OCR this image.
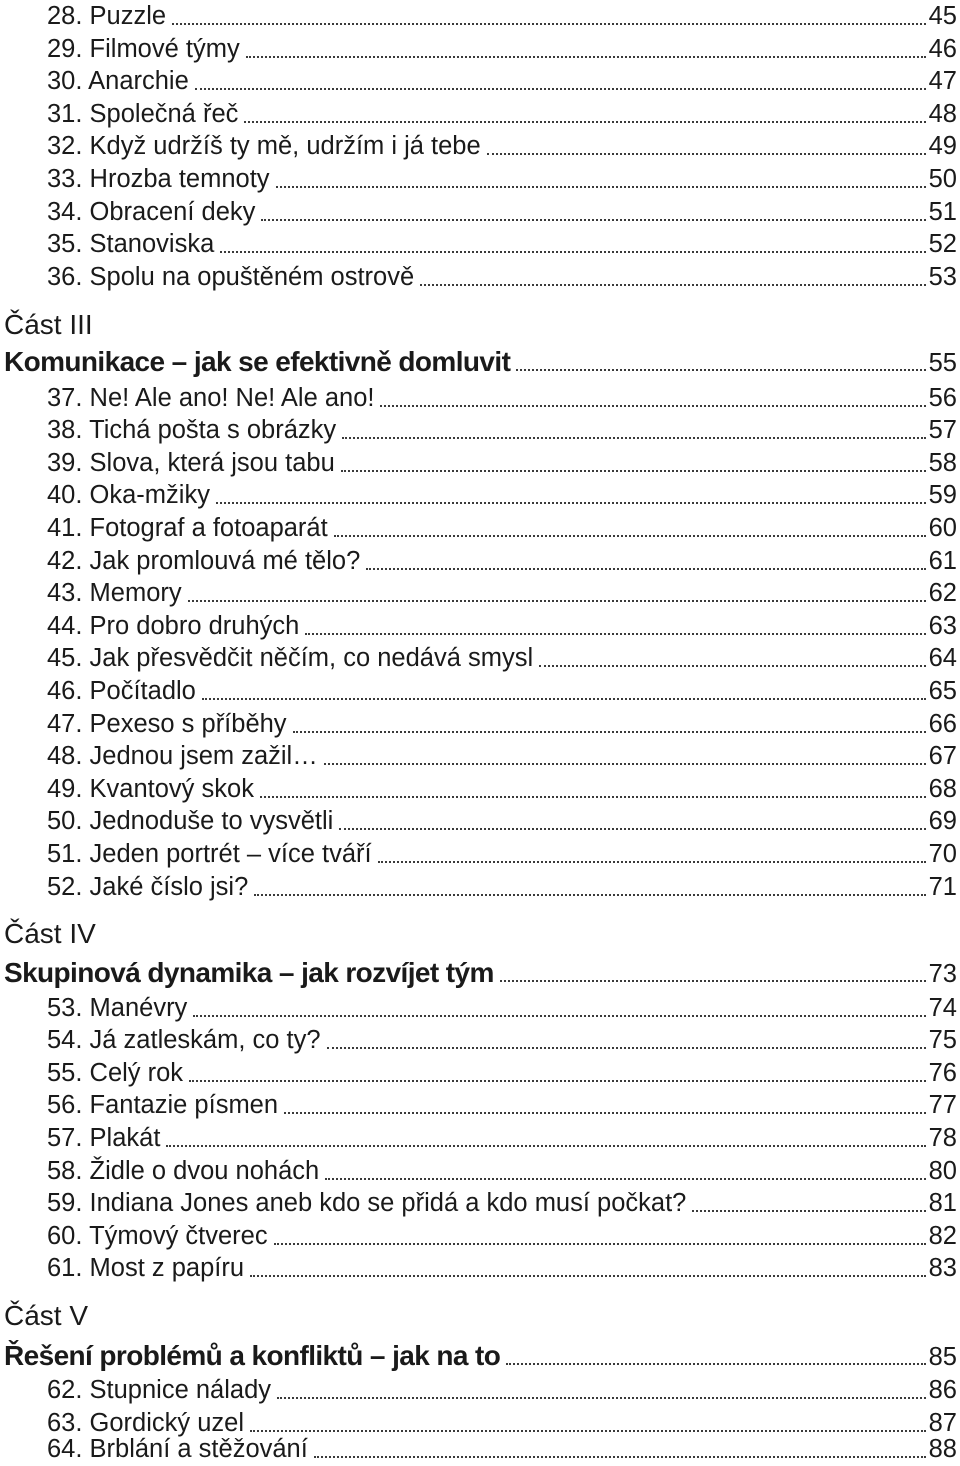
28. Puzzle	45
29. Filmové týmy	46
30. Anarchie	47
31. Společná řeč	48
32. Když udržíš ty mě, udržím i já tebe	49
33. Hrozba temnoty	50
34. Obracení deky	51
35. Stanoviska	52
36. Spolu na opuštěném ostrově	53
Část III
Komunikace – jak se efektivně domluvit	55
37. Ne! Ale ano! Ne! Ale ano!	56
38. Tichá pošta s obrázky	57
39. Slova, která jsou tabu	58
40. Oka-mžiky	59
41. Fotograf a fotoaparát	60
42. Jak promlouvá mé tělo?	61
43. Memory	62
44. Pro dobro druhých	63
45. Jak přesvědčit něčím, co nedává smysl	64
46. Počítadlo	65
47. Pexeso s příběhy	66
48. Jednou jsem zažil…	67
49. Kvantový skok	68
50. Jednoduše to vysvětli	69
51. Jeden portrét – více tváří	70
52. Jaké číslo jsi?	71
Část IV
Skupinová dynamika – jak rozvíjet tým	73
53. Manévry	74
54. Já zatleskám, co ty?	75
55. Celý rok	76
56. Fantazie písmen	77
57. Plakát	78
58. Židle o dvou nohách	80
59. Indiana Jones aneb kdo se přidá a kdo musí počkat?	81
60. Týmový čtverec	82
61. Most z papíru	83
Část V
Řešení problémů a konfliktů – jak na to	85
62. Stupnice nálady	86
63. Gordický uzel	87
64. Brblání a stěžování	88
